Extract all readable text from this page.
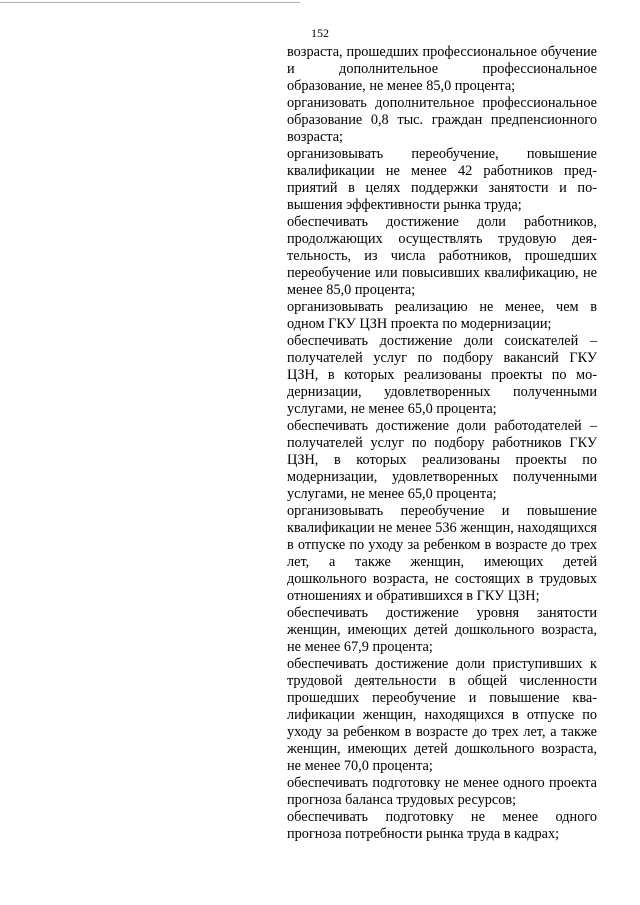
152

возраста, прошедших профессиональное обучение и дополнительное профессиональное образование, не менее 85,0 процента;

организовать дополнительное профессиональное образование 0,8 тыс. граждан предпенсионного возраста;

организовывать переобучение, повышение квалификации не менее 42 работников предприятий в целях поддержки занятости и повышения эффективности рынка труда;

обеспечивать достижение доли работников, продолжающих осуществлять трудовую деятельность, из числа работников, прошедших переобучение или повысивших квалификацию, не менее 85,0 процента;

организовывать реализацию не менее, чем в одном ГКУ ЦЗН проекта по модернизации;

обеспечивать достижение доли соискателей – получателей услуг по подбору вакансий ГКУ ЦЗН, в которых реализованы проекты по модернизации, удовлетворенных полученными услугами, не менее 65,0 процента;

обеспечивать достижение доли работодателей – получателей услуг по подбору работников ГКУ ЦЗН, в которых реализованы проекты по модернизации, удовлетворенных полученными услугами, не менее 65,0 процента;

организовывать переобучение и повышение квалификации не менее 536 женщин, находящихся в отпуске по уходу за ребенком в возрасте до трех лет, а также женщин, имеющих детей дошкольного возраста, не состоящих в трудовых отношениях и обратившихся в ГКУ ЦЗН;

обеспечивать достижение уровня занятости женщин, имеющих детей дошкольного возраста, не менее 67,9 процента;

обеспечивать достижение доли приступивших к трудовой деятельности в общей численности прошедших переобучение и повышение квалификации женщин, находящихся в отпуске по уходу за ребенком в возрасте до трех лет, а также женщин, имеющих детей дошкольного возраста, не менее 70,0 процента;

обеспечивать подготовку не менее одного проекта прогноза баланса трудовых ресурсов;

обеспечивать подготовку не менее одного прогноза потребности рынка труда в кадрах;
